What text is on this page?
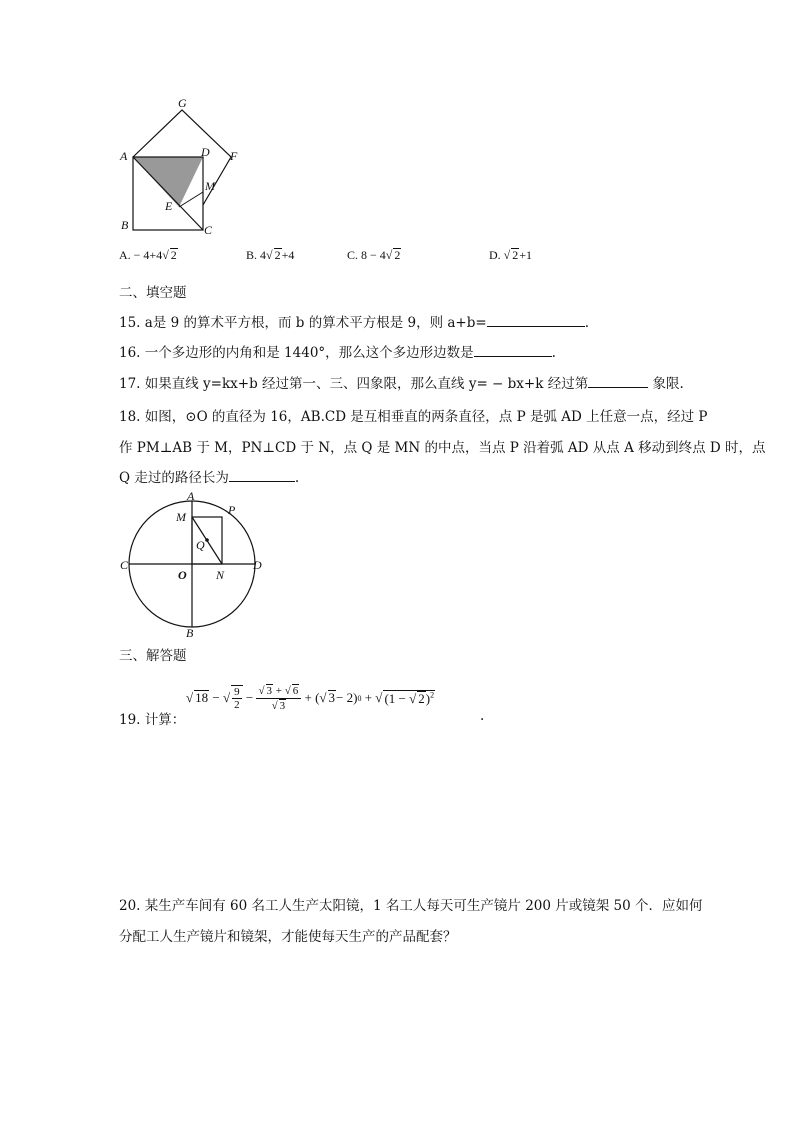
G
A	D F
M
E
B	C
A. − 4+4√ 2	B. 4√ 2+4	C. 8 − 4√ 2	D. √ 2+1
二、填空题
15. a是 9 的算术平方根，而 b 的算术平方根是 9，则 a+b=	.
16. 一个多边形的内角和是 1440°，那么这个多边形边数是	.
17. 如果直线 y=kx+b 经过第一、三、四象限，那么直线 y= − bx+k 经过第	象限.
18. 如图，⊙O 的直径为 16，AB.CD 是互相垂直的两条直径，点 P 是弧 AD 上任意一点，经过 P
作 PM⊥AB 于 M，PN⊥CD 于 N，点 Q 是 MN 的中点，当点 P 沿着弧 AD 从点 A 移动到终点 D 时，点
Q 走过的路径长为	.
A
M	P
Q
C
O N
D
B
三、解答题
19. 计算：
√ 18 − √ $\frac{9}{2}$ − √ 3 + √ 6
√ 3
+ (√ 3 − 2) 0 + √ (1 − √ 2)$^2$
.
20. 某生产车间有 60 名工人生产太阳镜，1 名工人每天可生产镜片 200 片或镜架 50 个．应如何
分配工人生产镜片和镜架，才能使每天生产的产品配套？
